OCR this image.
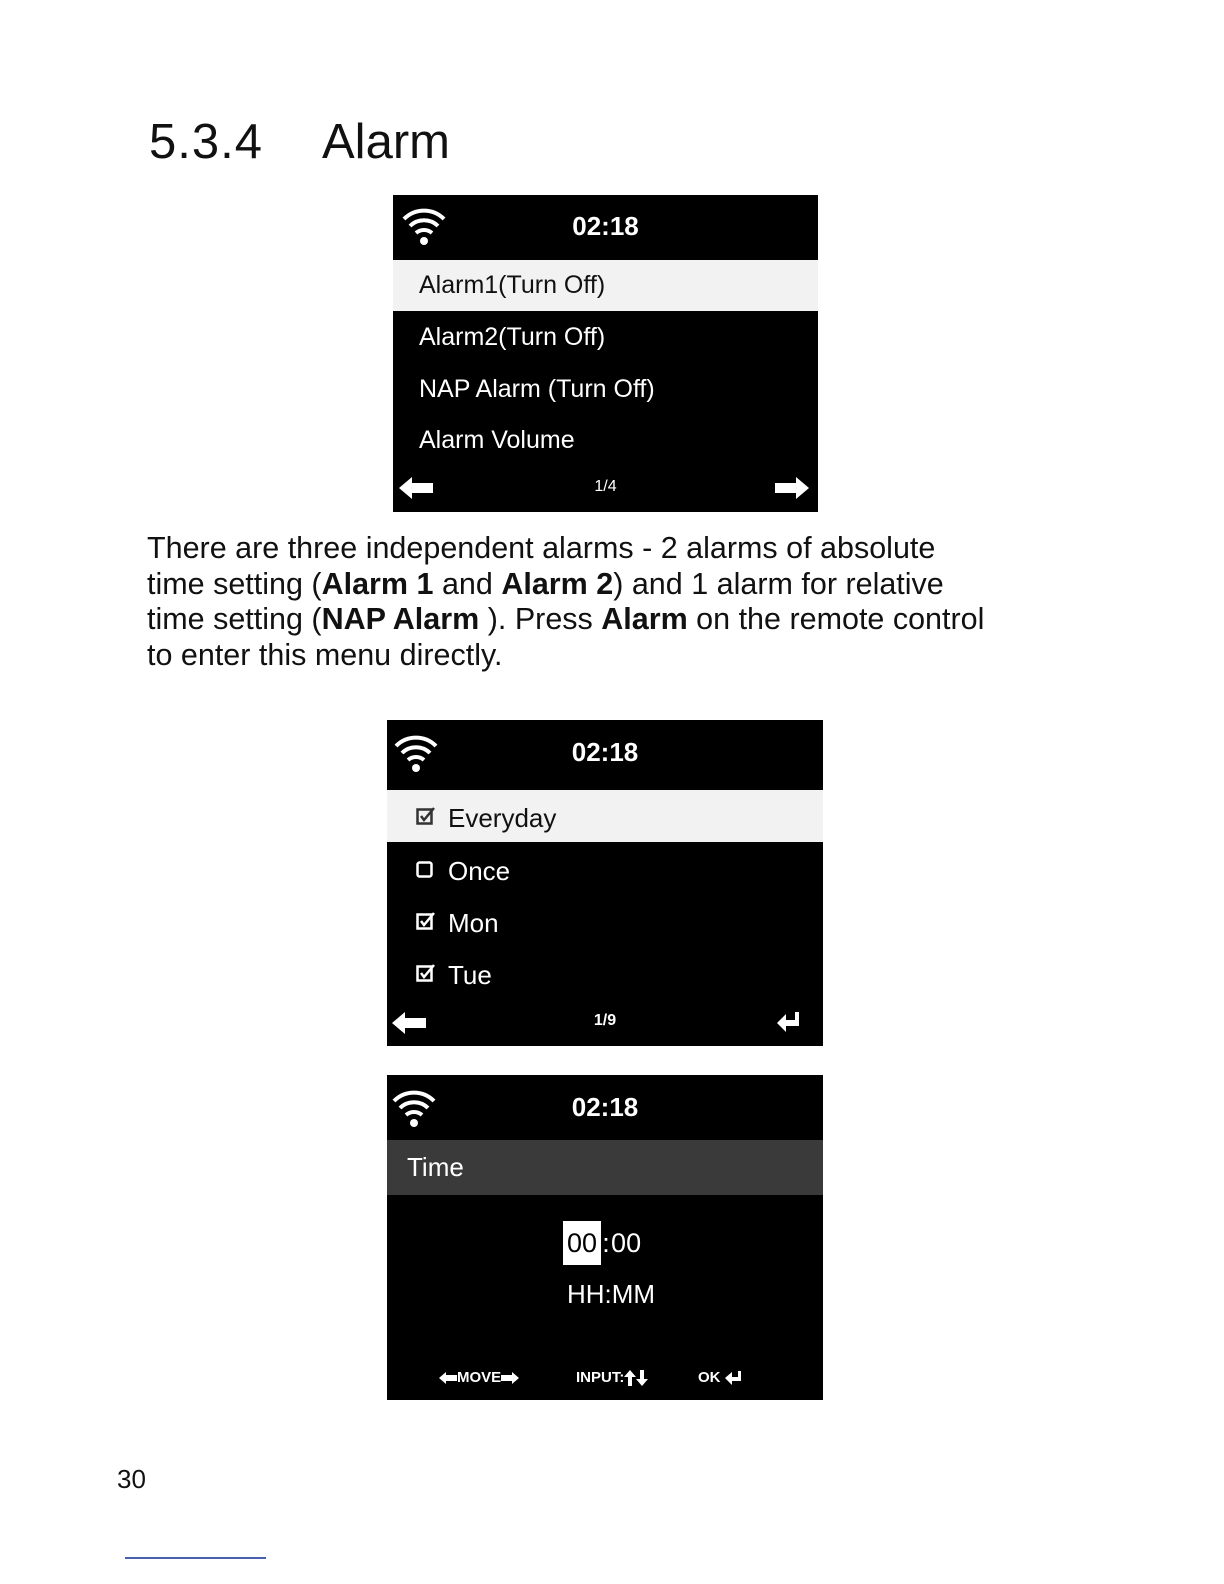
5.3.4 Alarm
02:18
Alarm1(Turn Off)
Alarm2(Turn Off)
NAP Alarm (Turn Off)
Alarm Volume
1/4

There are three independent alarms - 2 alarms of absolute

time setting (Alarm 1 and Alarm 2) and 1 alarm for relative

time setting (NAP Alarm ). Press Alarm on the remote control

to enter this menu directly.

02:18
Everyday
Once
Mon
Tue
1/9
02:18
Time
00 :00
HH:MM
MOVE	INPUT:	OK
30
